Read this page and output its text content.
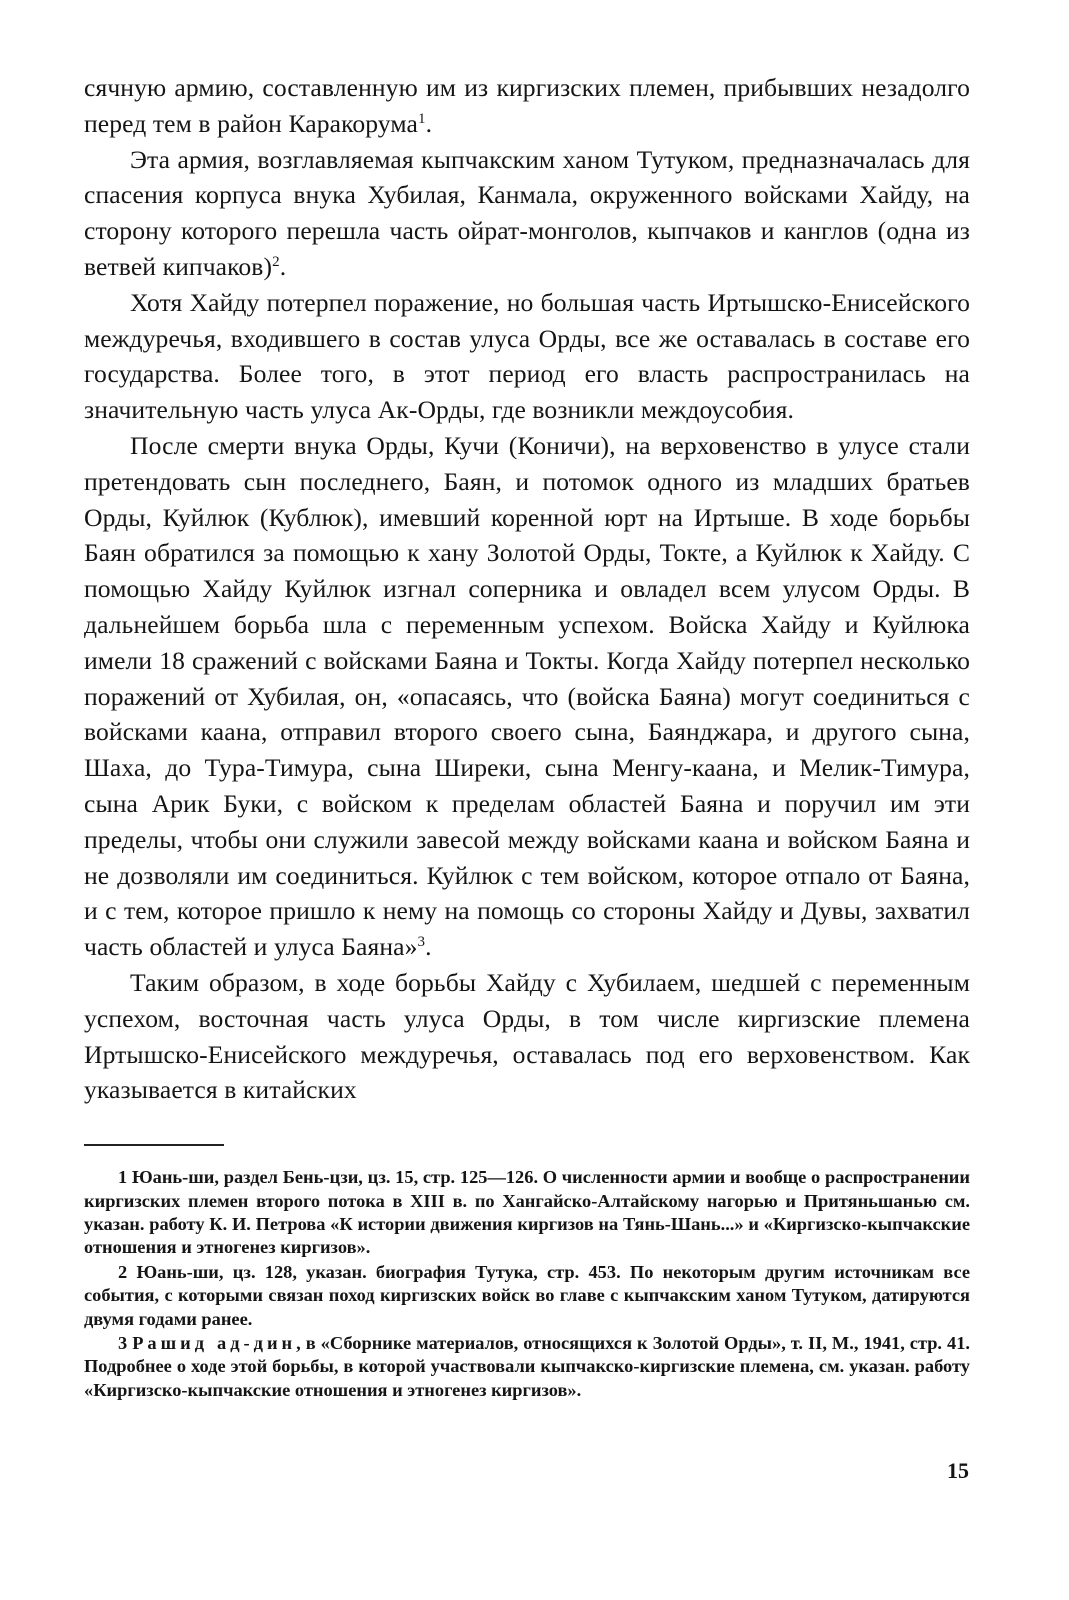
сячную армию, составленную им из киргизских племен, прибывших незадолго перед тем в район Каракорума$^1$.

Эта армия, возглавляемая кыпчакским ханом Тутуком, предназначалась для спасения корпуса внука Хубилая, Канмала, окруженного войсками Хайду, на сторону которого перешла часть ойрат-монголов, кыпчаков и канглов (одна из ветвей кипчаков)$^2$.

Хотя Хайду потерпел поражение, но большая часть Иртышско-Енисейского междуречья, входившего в состав улуса Орды, все же оставалась в составе его государства. Более того, в этот период его власть распространилась на значительную часть улуса Ак-Орды, где возникли междоусобия.

После смерти внука Орды, Кучи (Коничи), на верховенство в улусе стали претендовать сын последнего, Баян, и потомок одного из младших братьев Орды, Куйлюк (Кублюк), имевший коренной юрт на Иртыше. В ходе борьбы Баян обратился за помощью к хану Золотой Орды, Токте, а Куйлюк к Хайду. С помощью Хайду Куйлюк изгнал соперника и овладел всем улусом Орды. В дальнейшем борьба шла с переменным успехом. Войска Хайду и Куйлюка имели 18 сражений с войсками Баяна и Токты. Когда Хайду потерпел несколько поражений от Хубилая, он, «опасаясь, что (войска Баяна) могут соединиться с войсками каана, отправил второго своего сына, Баянджара, и другого сына, Шаха, до Тура-Тимура, сына Ширеки, сына Менгу-каана, и Мелик-Тимура, сына Арик Буки, с войском к пределам областей Баяна и поручил им эти пределы, чтобы они служили завесой между войсками каана и войском Баяна и не дозволяли им соединиться. Куйлюк с тем войском, которое отпало от Баяна, и с тем, которое пришло к нему на помощь со стороны Хайду и Дувы, захватил часть областей и улуса Баяна»$^3$.

Таким образом, в ходе борьбы Хайду с Хубилаем, шедшей с переменным успехом, восточная часть улуса Орды, в том числе киргизские племена Иртышско-Енисейского междуречья, оставалась под его верховенством. Как указывается в китайских

1 Юань-ши, раздел Бень-цзи, цз. 15, стр. 125—126. О численности армии и вообще о распространении киргизских племен второго потока в XIII в. по Хангайско-Алтайскому нагорью и Притяньшанью см. указан. работу К. И. Петрова «К истории движения киргизов на Тянь-Шань...» и «Киргизско-кыпчакские отношения и этногенез киргизов».

2 Юань-ши, цз. 128, указан. биография Тутука, стр. 453. По некоторым другим источникам все события, с которыми связан поход киргизских войск во главе с кыпчакским ханом Тутуком, датируются двумя годами ранее.

3 Рашид ад-дин, в «Сборнике материалов, относящихся к Золотой Орды», т. II, М., 1941, стр. 41. Подробнее о ходе этой борьбы, в которой участвовали кыпчакско-киргизские племена, см. указан. работу «Киргизско-кыпчакские отношения и этногенез киргизов».

15
